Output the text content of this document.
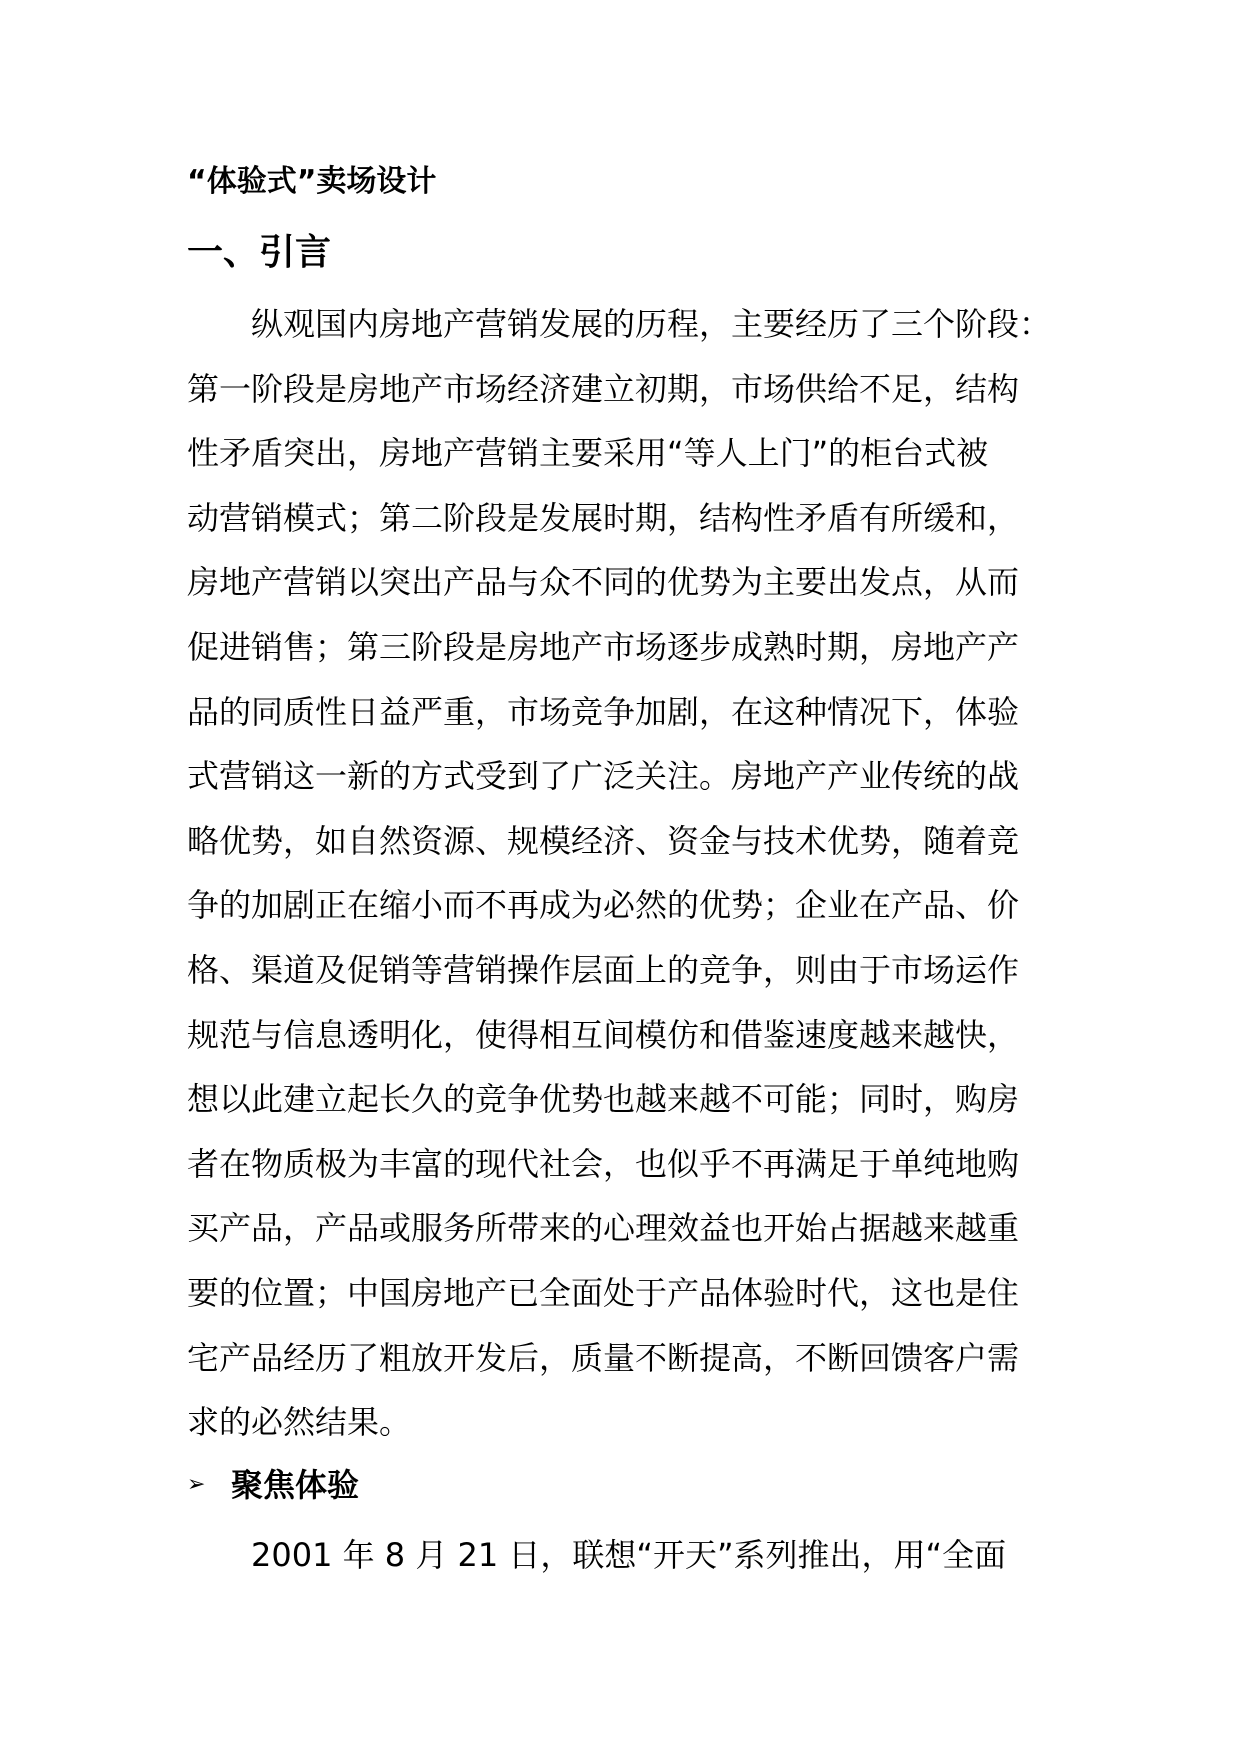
“体验式”卖场设计
一、引言
　　纵观国内房地产营销发展的历程，主要经历了三个阶段：
第一阶段是房地产市场经济建立初期，市场供给不足，结构
性矛盾突出，房地产营销主要采用“等人上门”的柜台式被
动营销模式；第二阶段是发展时期，结构性矛盾有所缓和，
房地产营销以突出产品与众不同的优势为主要出发点，从而
促进销售；第三阶段是房地产市场逐步成熟时期，房地产产
品的同质性日益严重，市场竞争加剧，在这种情况下，体验
式营销这一新的方式受到了广泛关注。房地产产业传统的战
略优势，如自然资源、规模经济、资金与技术优势，随着竞
争的加剧正在缩小而不再成为必然的优势；企业在产品、价
格、渠道及促销等营销操作层面上的竞争，则由于市场运作
规范与信息透明化，使得相互间模仿和借鉴速度越来越快，
想以此建立起长久的竞争优势也越来越不可能；同时，购房
者在物质极为丰富的现代社会，也似乎不再满足于单纯地购
买产品，产品或服务所带来的心理效益也开始占据越来越重
要的位置；中国房地产已全面处于产品体验时代，这也是住
宅产品经历了粗放开发后，质量不断提高，不断回馈客户需
求的必然结果。
➢ 聚焦体验
　　2001 年 8 月 21 日，联想“开天”系列推出，用“全面
